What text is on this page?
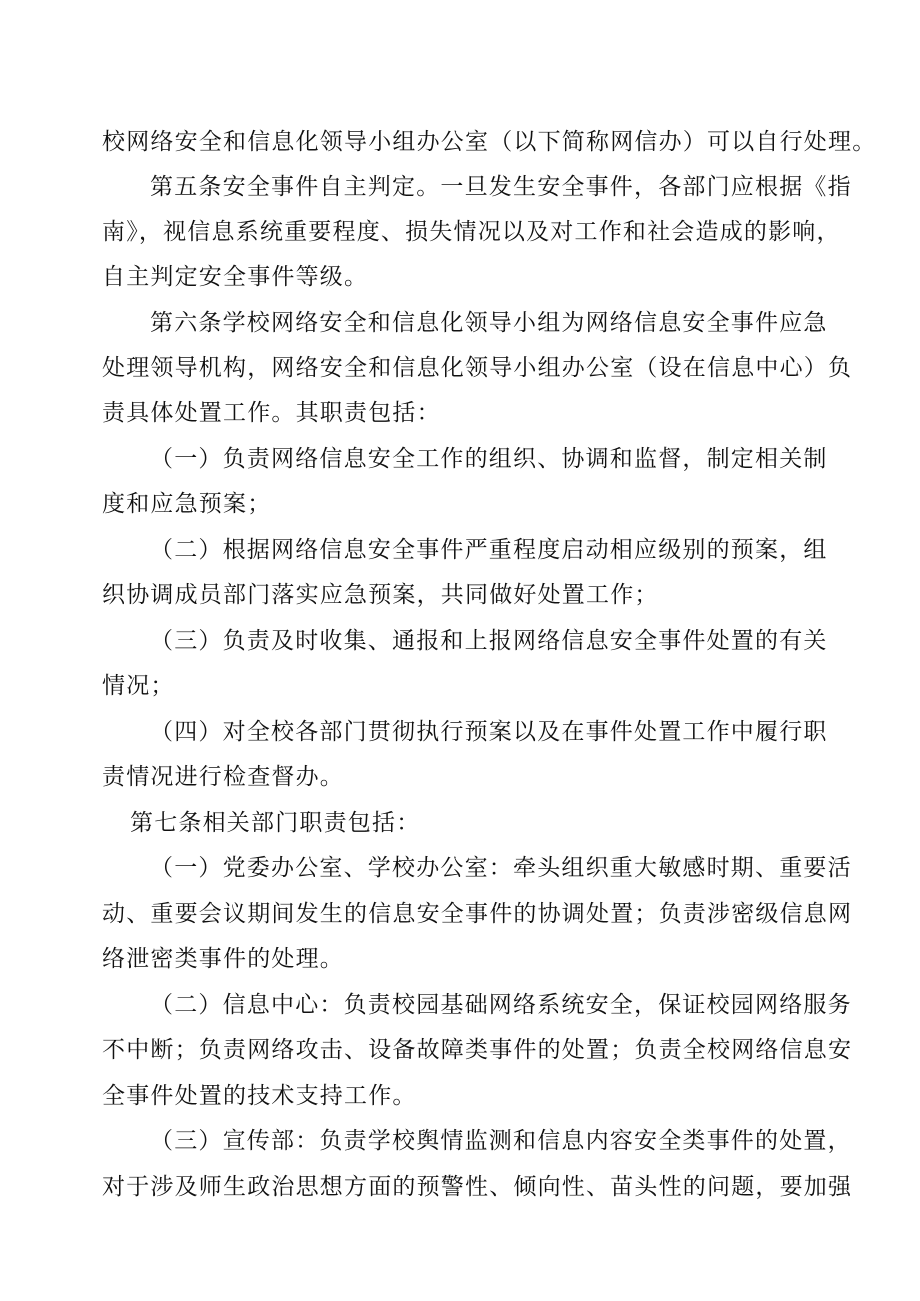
校网络安全和信息化领导小组办公室（以下简称网信办）可以自行处理。
第五条安全事件自主判定。一旦发生安全事件，各部门应根据《指
南》，视信息系统重要程度、损失情况以及对工作和社会造成的影响，
自主判定安全事件等级。
第六条学校网络安全和信息化领导小组为网络信息安全事件应急
处理领导机构，网络安全和信息化领导小组办公室（设在信息中心）负
责具体处置工作。其职责包括：
（一）负责网络信息安全工作的组织、协调和监督，制定相关制
度和应急预案；
（二）根据网络信息安全事件严重程度启动相应级别的预案，组
织协调成员部门落实应急预案，共同做好处置工作；
（三）负责及时收集、通报和上报网络信息安全事件处置的有关
情况；
（四）对全校各部门贯彻执行预案以及在事件处置工作中履行职
责情况进行检查督办。
第七条相关部门职责包括：
（一）党委办公室、学校办公室：牵头组织重大敏感时期、重要活
动、重要会议期间发生的信息安全事件的协调处置；负责涉密级信息网
络泄密类事件的处理。
（二）信息中心：负责校园基础网络系统安全，保证校园网络服务
不中断；负责网络攻击、设备故障类事件的处置；负责全校网络信息安
全事件处置的技术支持工作。
（三）宣传部：负责学校舆情监测和信息内容安全类事件的处置，
对于涉及师生政治思想方面的预警性、倾向性、苗头性的问题，要加强
